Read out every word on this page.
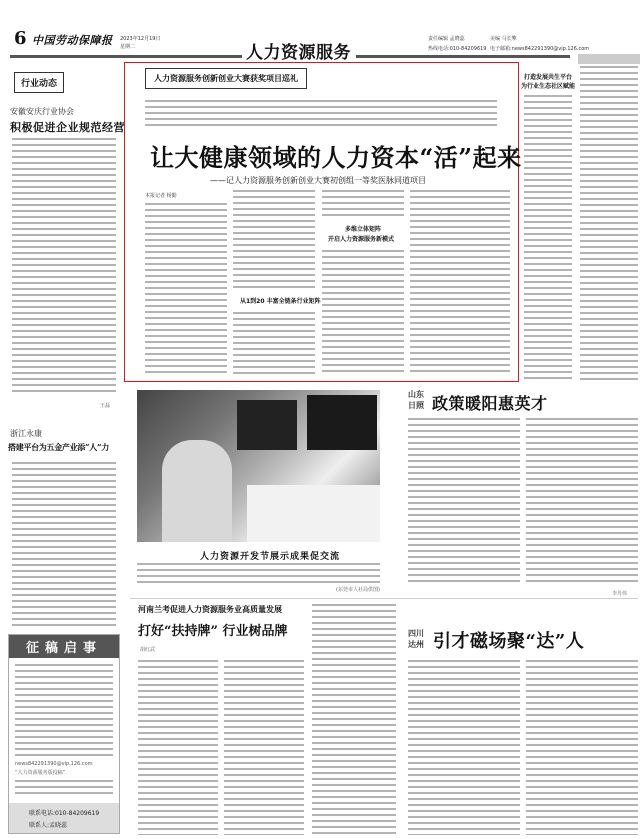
6 中国劳动保障报 2023年12月19日
星期二	人力资源服务
责任编辑 孟晓蕊	美编 马长擎
热线电话:010-84209619 电子邮箱:news842291390@vip.126.com
行业动态
安徽安庆行业协会
积极促进企业规范经营
王磊
浙江永康
搭建平台为五金产业添“人”力
征稿启事
news842291390@vip.126.com
“人力资源服务版投稿”
联系电话:010-84209619
联系人:孟晓蕊
人力资源服务创新创业大赛获奖项目巡礼
让大健康领域的人力资本“活”起来
——记人力资源服务创新创业大赛初创组一等奖医脉同道项目
本报记者 杨勤
从1到20 丰富全链条行业矩阵
多维立体矩阵
开启人力资源服务新模式
打造发展共生平台
为行业生态社区赋能
人力资源开发节展示成果促交流
(东莞市人社局供图)
山东
日照 政策暖阳惠英才
李丹伟
河南兰考促进人力资源服务业高质量发展
打好“扶持牌” 行业树品牌
胡红武
四川
达州 引才磁场聚“达”人
